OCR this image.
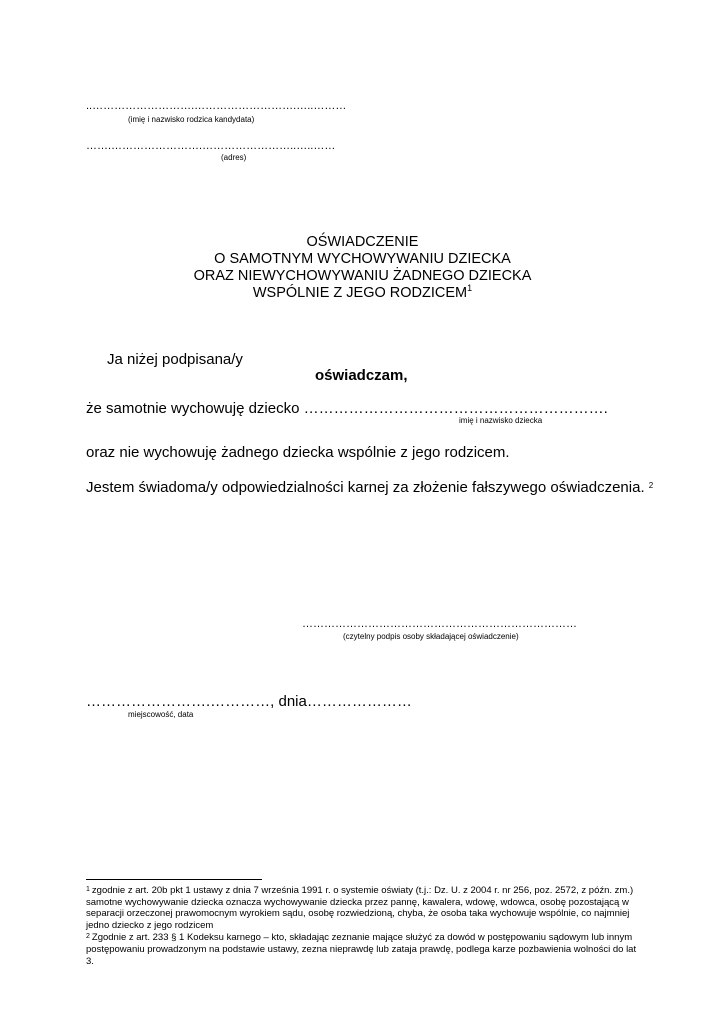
..……………………….……………………….…..………
(imię i nazwisko rodzica kandydata)
…….…………………….……………………..…..……
(adres)
OŚWIADCZENIE
O SAMOTNYM WYCHOWYWANIU DZIECKA
ORAZ NIEWYCHOWYWANIU ŻADNEGO DZIECKA
WSPÓLNIE Z JEGO RODZICEM$^1$
Ja niżej podpisana/y
oświadczam,
że samotnie wychowuję dziecko …………………………………………………….
imię i nazwisko dziecka
oraz nie wychowuję żadnego dziecka wspólnie z jego rodzicem.
Jestem świadoma/y odpowiedzialności karnej za złożenie fałszywego oświadczenia. $^2$
…………………………………………………………………
(czytelny podpis osoby składającej oświadczenie)
…………………….…………, dnia…………………
miejscowość, data
$^1$ zgodnie z art. 20b pkt 1 ustawy z dnia 7 września 1991 r. o systemie oświaty (t.j.: Dz. U. z 2004 r. nr 256, poz. 2572, z późn. zm.) samotne wychowywanie dziecka oznacza wychowywanie dziecka przez pannę, kawalera, wdowę, wdowca, osobę pozostającą w separacji orzeczonej prawomocnym wyrokiem sądu, osobę rozwiedzioną, chyba, że osoba taka wychowuje wspólnie, co najmniej jedno dziecko z jego rodzicem
$^2$ Zgodnie z art. 233 § 1 Kodeksu karnego – kto, składając zeznanie mające służyć za dowód w postępowaniu sądowym lub innym postępowaniu prowadzonym na podstawie ustawy, zezna nieprawdę lub zataja prawdę, podlega karze pozbawienia wolności do lat 3.
